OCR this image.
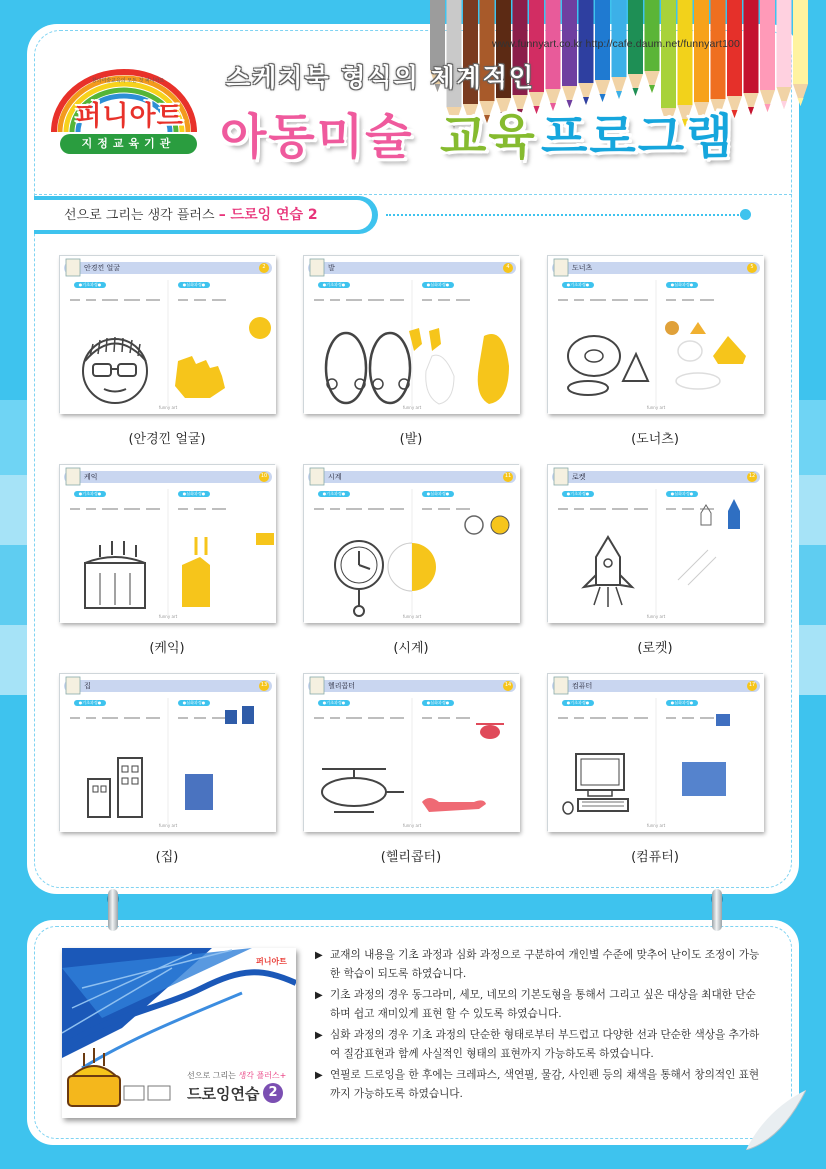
www.funnyart.co.kr http://cafe.daum.net/funnyart100
창의미술교육의 모든 것 퍼니아트
퍼니아트
지정교육기관
스케치북 형식의 체계적인
아동미술 교육 프로그램
선으로 그리는 생각 플러스 – 드로잉 연습 2
funny art
안경낀 얼굴	2
●기초과정●	●심화과정●
(안경낀 얼굴)
funny art
발	4
●기초과정●	●심화과정●
(발)
funny art
도너츠	5
●기초과정●	●심화과정●
(도너츠)
funny art
케익	10
●기초과정●	●심화과정●
(케익)
funny art
시계	11
●기초과정●	●심화과정●
(시계)
funny art
로켓	12
●기초과정●	●심화과정●
(로켓)
funny art
집	13
●기초과정●	●심화과정●
(집)
funny art
헬리콥터	14
●기초과정●	●심화과정●
(헬리콥터)
funny art
컴퓨터	17
●기초과정●	●심화과정●
(컴퓨터)
퍼니아트
선으로 그리는 생각 플러스+
드로잉연습 2
▶ 교재의 내용을 기초 과정과 심화 과정으로 구분하여 개인별 수준에 맞추어 난이도 조정이 가능한 학습이 되도록 하였습니다.
▶ 기초 과정의 경우 동그라미, 세모, 네모의 기본도형을 통해서 그리고 싶은 대상을 최대한 단순하며 쉽고 재미있게 표현 할 수 있도록 하였습니다.
▶ 심화 과정의 경우 기초 과정의 단순한 형태로부터 부드럽고 다양한 선과 단순한 색상을 추가하여 질감표현과 함께 사실적인 형태의 표현까지 가능하도록 하였습니다.
▶ 연필로 드로잉을 한 후에는 크레파스, 색연필, 물감, 사인펜 등의 채색을 통해서 창의적인 표현까지 가능하도록 하였습니다.
